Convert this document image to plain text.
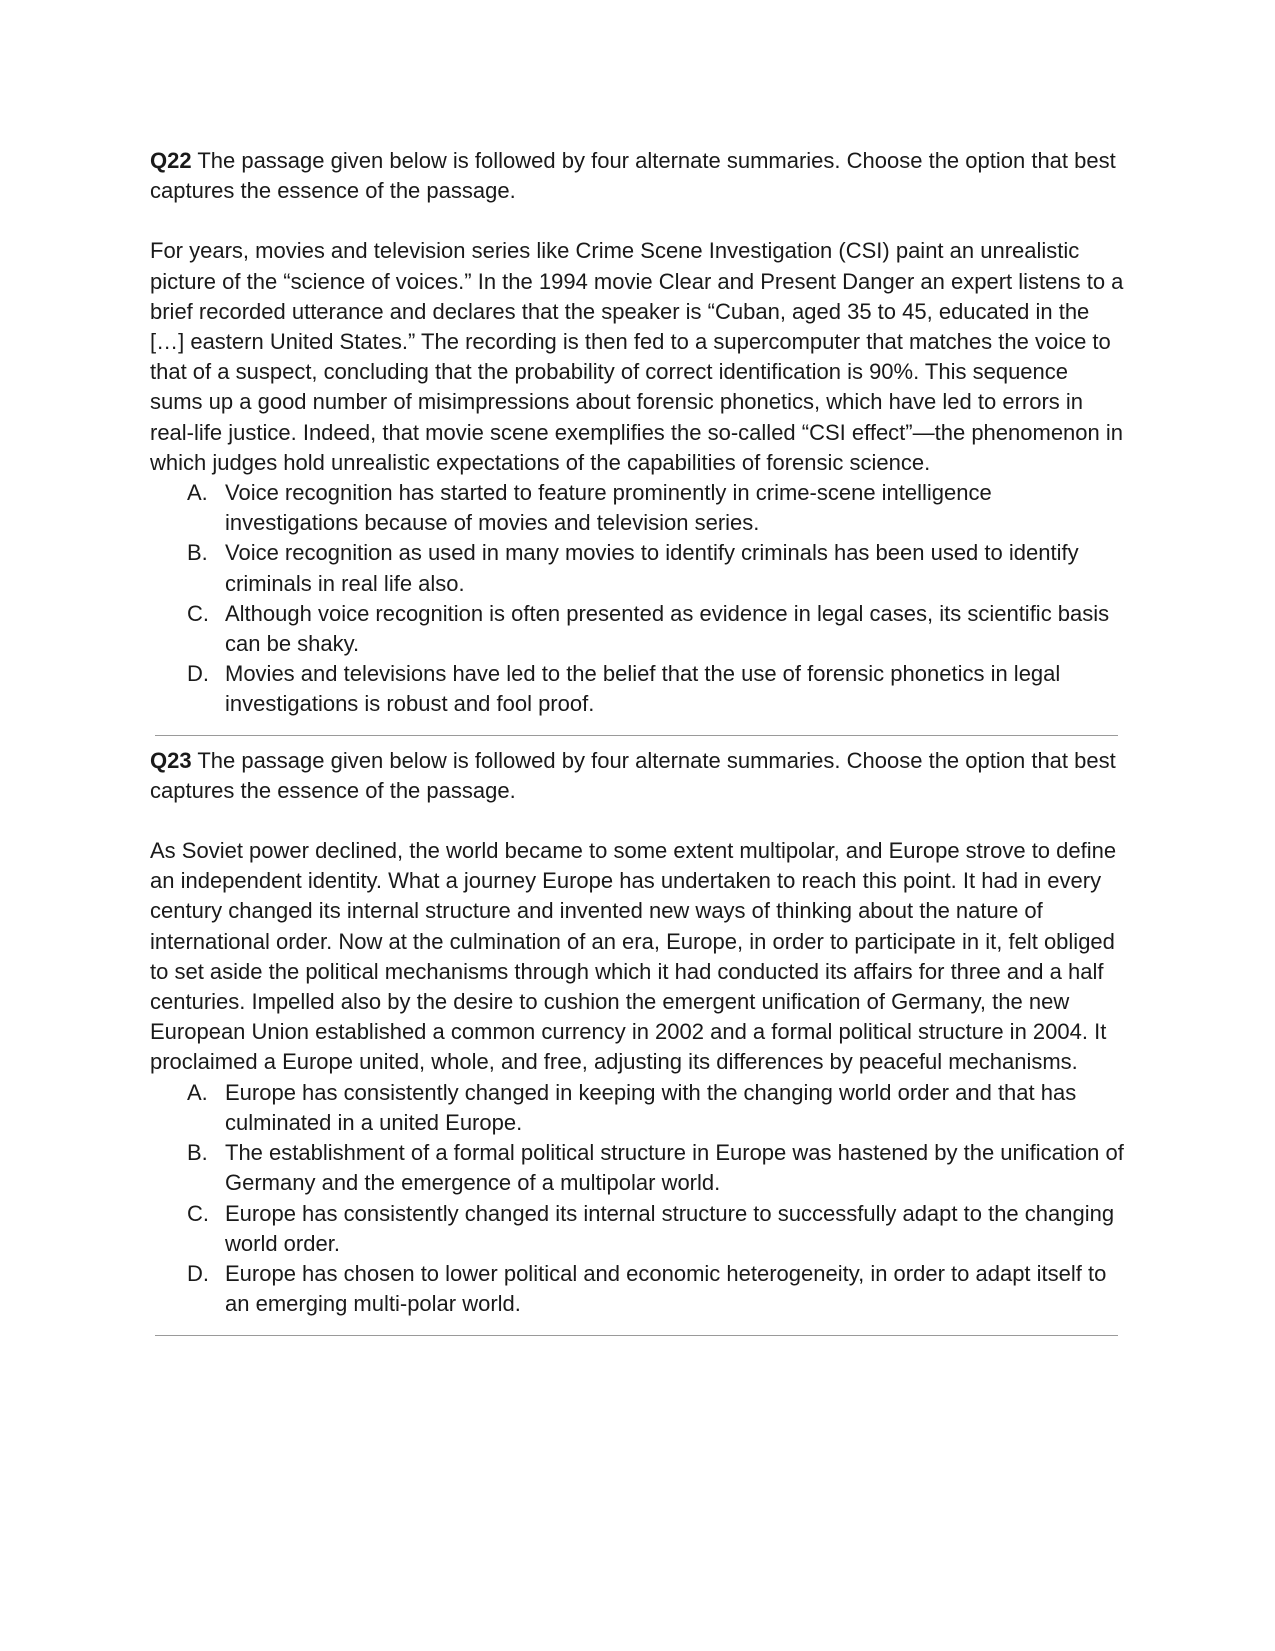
Q22 The passage given below is followed by four alternate summaries. Choose the option that best captures the essence of the passage.

For years, movies and television series like Crime Scene Investigation (CSI) paint an unrealistic picture of the “science of voices.” In the 1994 movie Clear and Present Danger an expert listens to a brief recorded utterance and declares that the speaker is “Cuban, aged 35 to 45, educated in the […] eastern United States.” The recording is then fed to a supercomputer that matches the voice to that of a suspect, concluding that the probability of correct identification is 90%. This sequence sums up a good number of misimpressions about forensic phonetics, which have led to errors in real-life justice. Indeed, that movie scene exemplifies the so-called “CSI effect”—the phenomenon in which judges hold unrealistic expectations of the capabilities of forensic science.

A. Voice recognition has started to feature prominently in crime-scene intelligence investigations because of movies and television series.
B. Voice recognition as used in many movies to identify criminals has been used to identify criminals in real life also.
C. Although voice recognition is often presented as evidence in legal cases, its scientific basis can be shaky.
D. Movies and televisions have led to the belief that the use of forensic phonetics in legal investigations is robust and fool proof.

Q23 The passage given below is followed by four alternate summaries. Choose the option that best captures the essence of the passage.

As Soviet power declined, the world became to some extent multipolar, and Europe strove to define an independent identity. What a journey Europe has undertaken to reach this point. It had in every century changed its internal structure and invented new ways of thinking about the nature of international order. Now at the culmination of an era, Europe, in order to participate in it, felt obliged to set aside the political mechanisms through which it had conducted its affairs for three and a half centuries. Impelled also by the desire to cushion the emergent unification of Germany, the new European Union established a common currency in 2002 and a formal political structure in 2004. It proclaimed a Europe united, whole, and free, adjusting its differences by peaceful mechanisms.

A. Europe has consistently changed in keeping with the changing world order and that has culminated in a united Europe.
B. The establishment of a formal political structure in Europe was hastened by the unification of Germany and the emergence of a multipolar world.
C. Europe has consistently changed its internal structure to successfully adapt to the changing world order.
D. Europe has chosen to lower political and economic heterogeneity, in order to adapt itself to an emerging multi-polar world.
